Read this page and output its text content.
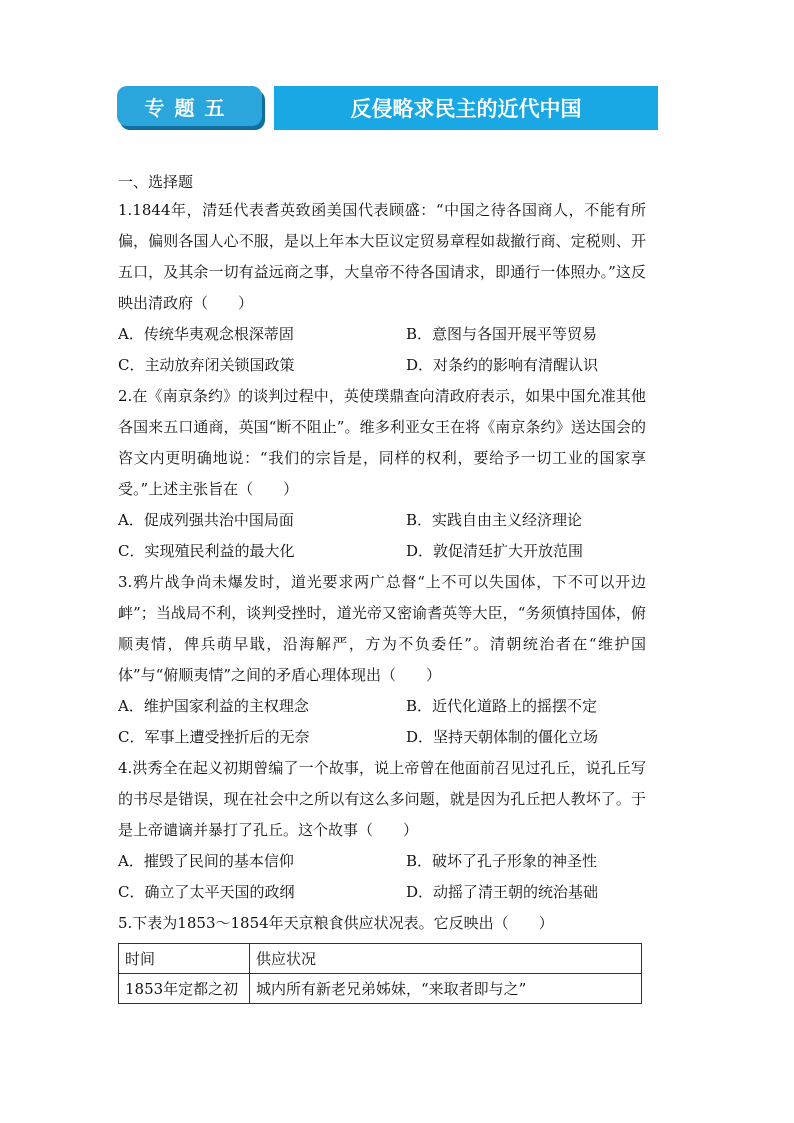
专题五	反侵略求民主的近代中国
一、选择题
1.1844年，清廷代表耆英致函美国代表顾盛：“中国之待各国商人，不能有所偏，偏则各国人心不服，是以上年本大臣议定贸易章程如裁撤行商、定税则、开五口，及其余一切有益远商之事，大皇帝不待各国请求，即通行一体照办。”这反映出清政府（　　）
A．传统华夷观念根深蒂固	B．意图与各国开展平等贸易
C．主动放弃闭关锁国政策	D．对条约的影响有清醒认识
2.在《南京条约》的谈判过程中，英使璞鼎查向清政府表示，如果中国允准其他各国来五口通商，英国“断不阻止”。维多利亚女王在将《南京条约》送达国会的咨文内更明确地说：“我们的宗旨是，同样的权利，要给予一切工业的国家享受。”上述主张旨在（　　）
A．促成列强共治中国局面	B．实践自由主义经济理论
C．实现殖民利益的最大化	D．敦促清廷扩大开放范围
3.鸦片战争尚未爆发时，道光要求两广总督“上不可以失国体，下不可以开边衅”；当战局不利，谈判受挫时，道光帝又密谕耆英等大臣，“务须慎持国体，俯顺夷情，俾兵萌早戢，沿海解严，方为不负委任”。清朝统治者在“维护国体”与“俯顺夷情”之间的矛盾心理体现出（　　）
A．维护国家利益的主权理念	B．近代化道路上的摇摆不定
C．军事上遭受挫折后的无奈	D．坚持天朝体制的僵化立场
4.洪秀全在起义初期曾编了一个故事，说上帝曾在他面前召见过孔丘，说孔丘写的书尽是错误，现在社会中之所以有这么多问题，就是因为孔丘把人教坏了。于是上帝谴谪并暴打了孔丘。这个故事（　　）
A．摧毁了民间的基本信仰	B．破坏了孔子形象的神圣性
C．确立了太平天国的政纲	D．动摇了清王朝的统治基础
5.下表为1853～1854年天京粮食供应状况表。它反映出（　　）
时间	供应状况
1853年定都之初	城内所有新老兄弟姊妹，“来取者即与之”
